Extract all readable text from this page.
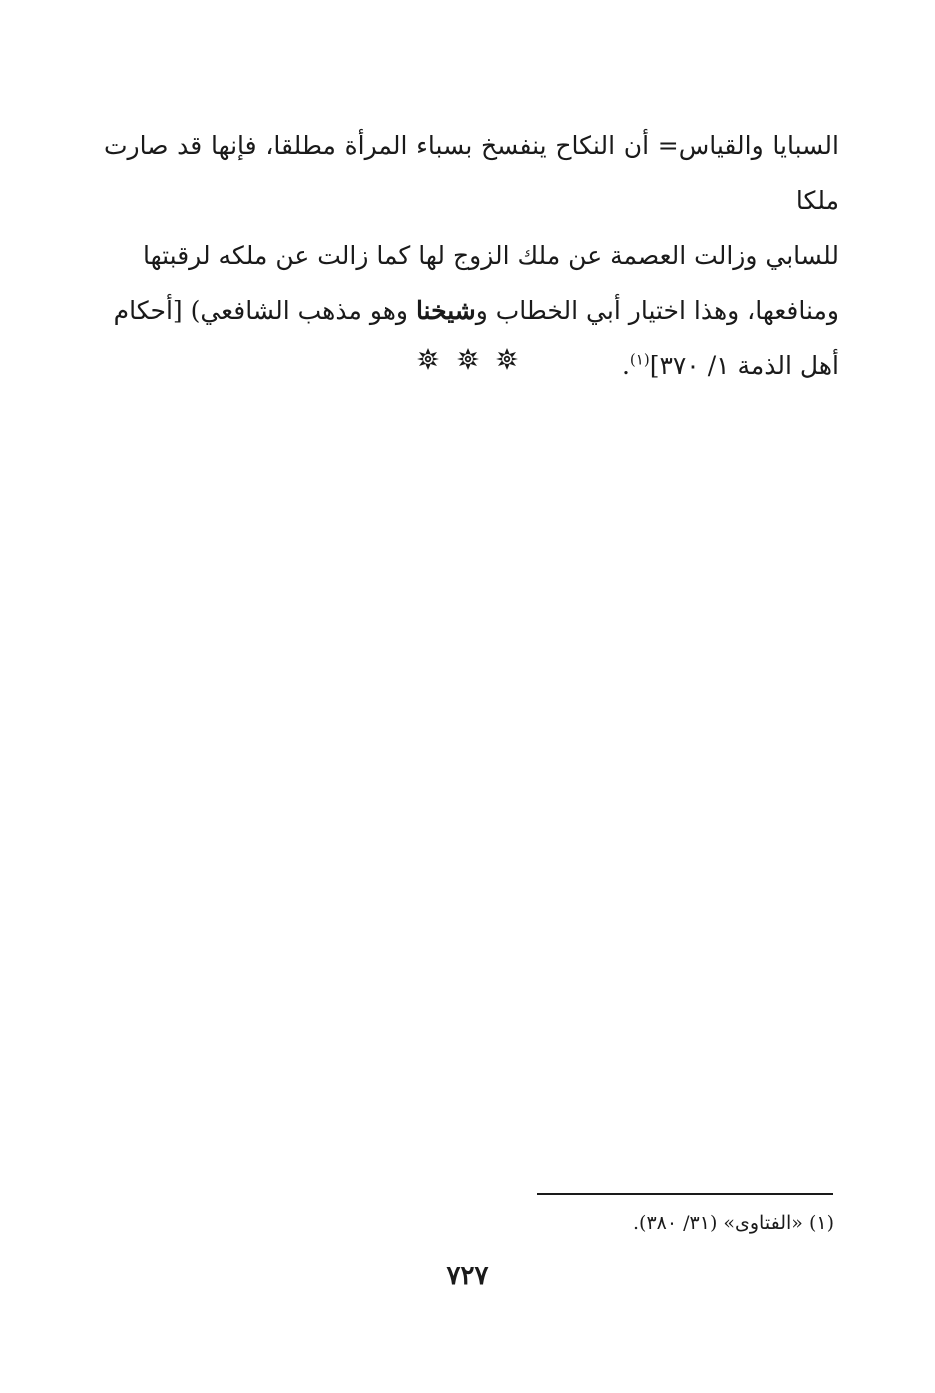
السبايا والقياس= أن النكاح ينفسخ بسباء المرأة مطلقا، فإنها قد صارت ملكا

للسابي وزالت العصمة عن ملك الزوج لها كما زالت عن ملكه لرقبتها

ومنافعها، وهذا اختيار أبي الخطاب وشيخنا وهو مذهب الشافعي) [أحكام

أهل الذمة ١/ ٣٧٠]$^{(١)}$.

(١) «الفتاوى» (٣١/ ٣٨٠).
٧٢٧
